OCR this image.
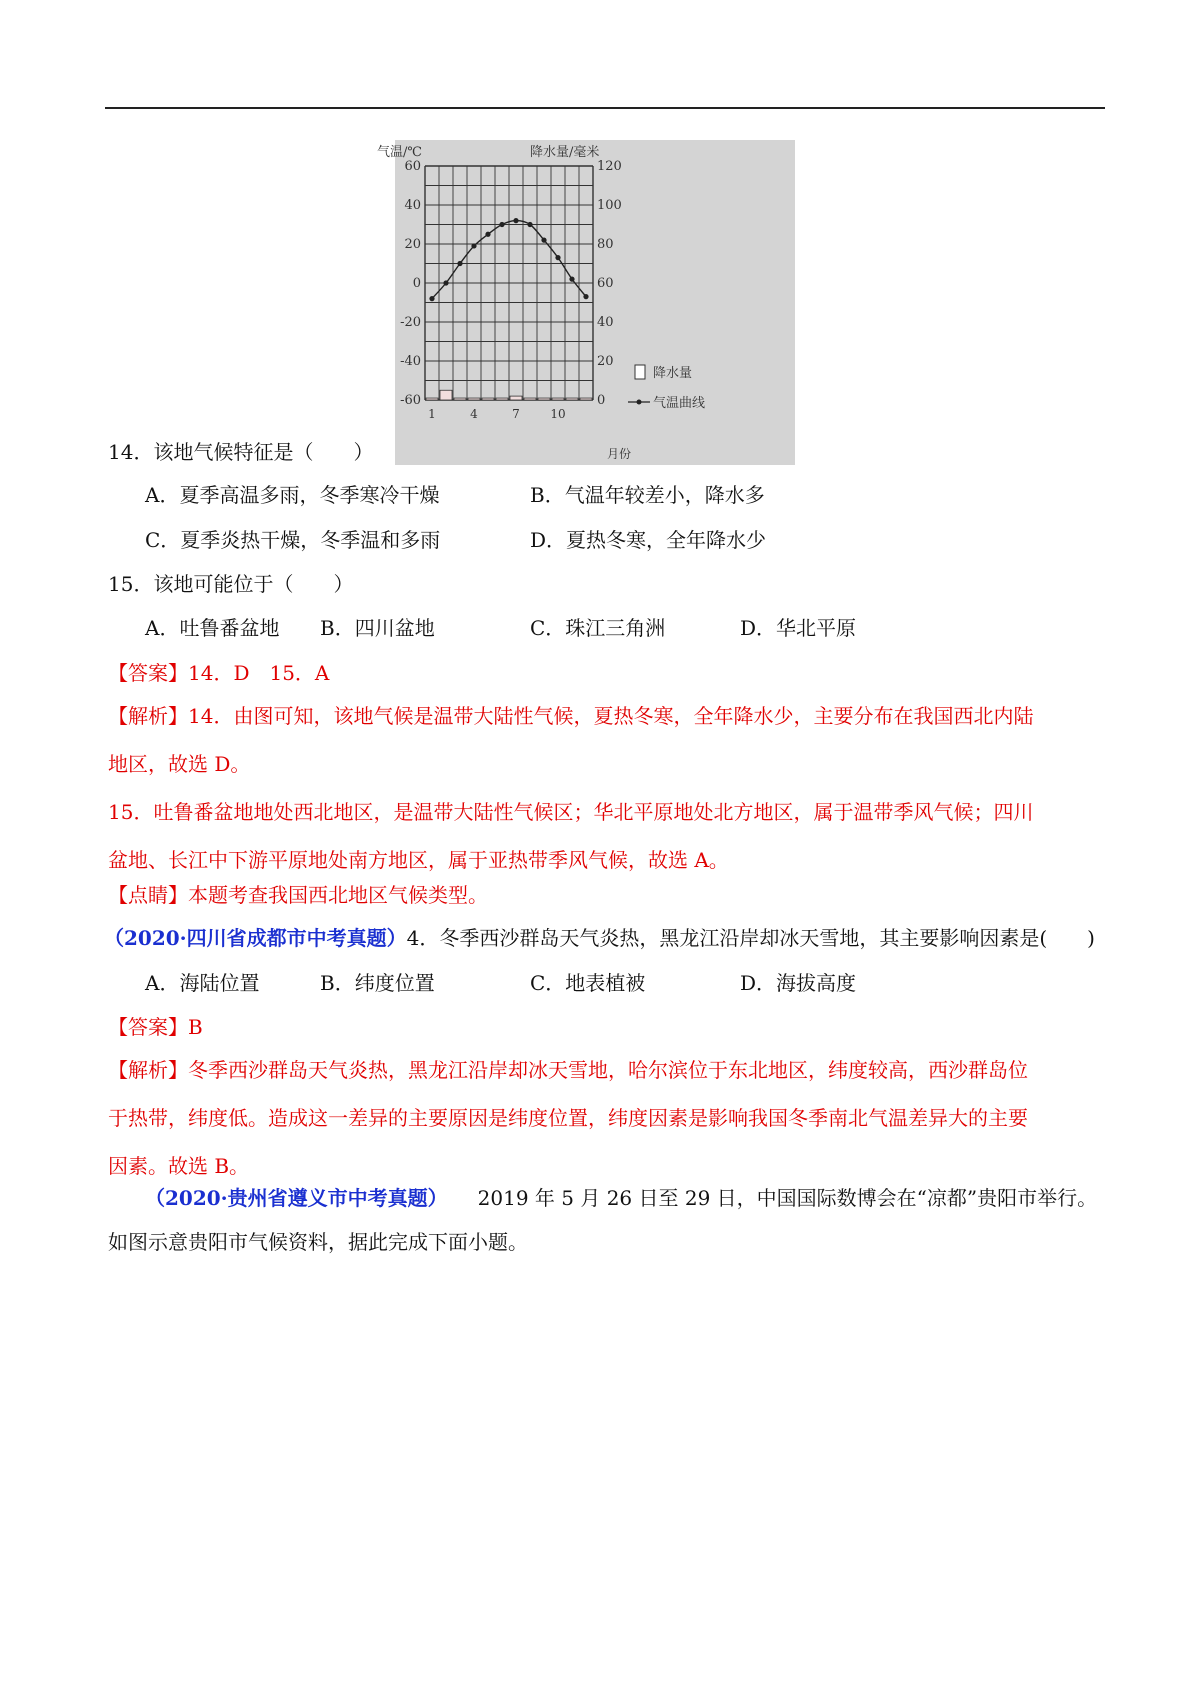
气温/℃	降水量/毫米
60
40
20
0
-20
-40
-60
120
100
80
60
40
20
0
1	4	7	10
降水量
气温曲线
月份
14．该地气候特征是（　　）
A．夏季高温多雨，冬季寒冷干燥	B．气温年较差小，降水多
C．夏季炎热干燥，冬季温和多雨	D．夏热冬寒，全年降水少
15．该地可能位于（　　）
A．吐鲁番盆地 B．四川盆地	C．珠江三角洲	D．华北平原
【答案】14．D　15．A
【解析】14．由图可知，该地气候是温带大陆性气候，夏热冬寒，全年降水少，主要分布在我国西北内陆
地区，故选 D。
15．吐鲁番盆地地处西北地区，是温带大陆性气候区；华北平原地处北方地区，属于温带季风气候；四川
盆地、长江中下游平原地处南方地区，属于亚热带季风气候，故选 A。
【点睛】本题考查我国西北地区气候类型。
（2020·四川省成都市中考真题）4．冬季西沙群岛天气炎热，黑龙江沿岸却冰天雪地，其主要影响因素是(　　)
A．海陆位置	B．纬度位置	C．地表植被	D．海拔高度
【答案】B
【解析】冬季西沙群岛天气炎热，黑龙江沿岸却冰天雪地，哈尔滨位于东北地区，纬度较高，西沙群岛位
于热带，纬度低。造成这一差异的主要原因是纬度位置，纬度因素是影响我国冬季南北气温差异大的主要
因素。故选 B。
（2020·贵州省遵义市中考真题） 2019 年 5 月 26 日至 29 日，中国国际数博会在“凉都”贵阳市举行。
如图示意贵阳市气候资料，据此完成下面小题。
